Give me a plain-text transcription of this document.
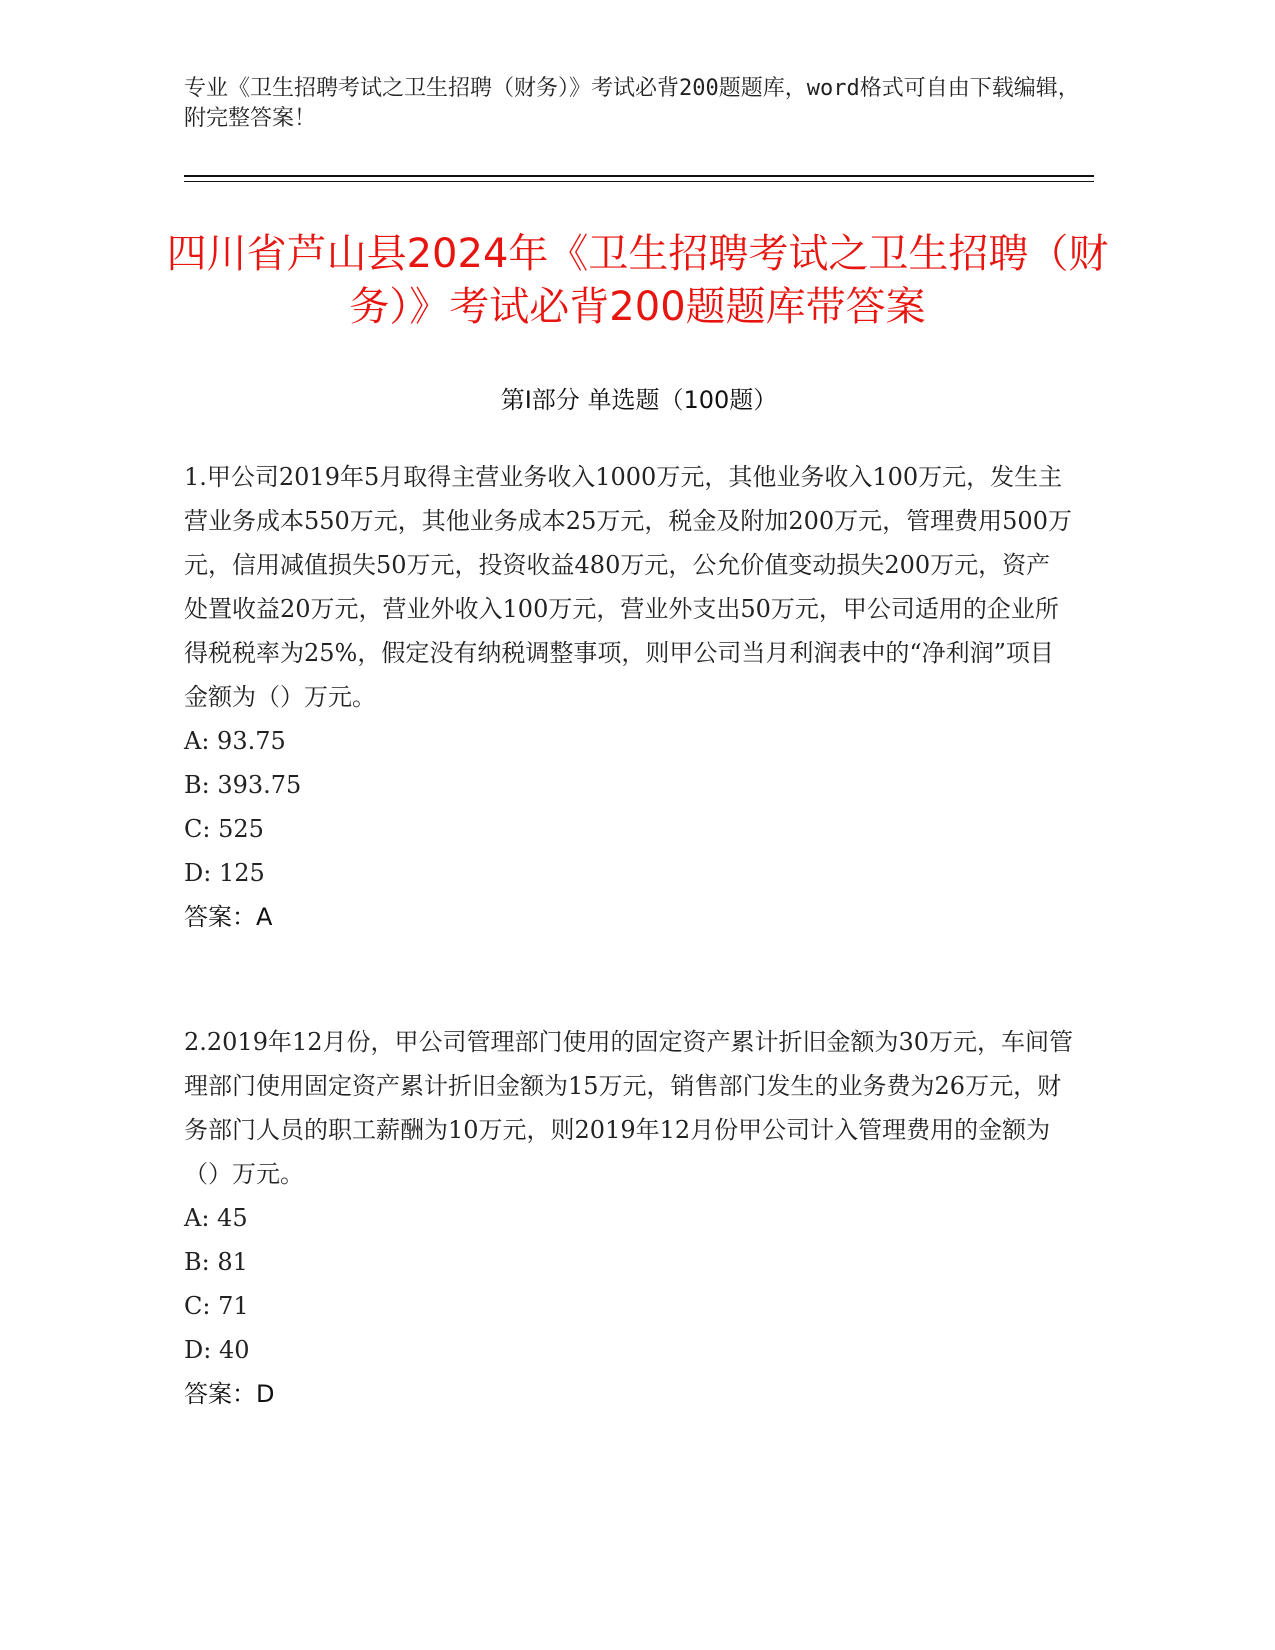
专业《卫生招聘考试之卫生招聘（财务）》考试必背200题题库，word格式可自由下载编辑，附完整答案！
四川省芦山县2024年《卫生招聘考试之卫生招聘（财务）》考试必背200题题库带答案
第Ⅰ部分 单选题（100题）

1.甲公司2019年5月取得主营业务收入1000万元，其他业务收入100万元，发生主营业务成本550万元，其他业务成本25万元，税金及附加200万元，管理费用500万元，信用减值损失50万元，投资收益480万元，公允价值变动损失200万元，资产处置收益20万元，营业外收入100万元，营业外支出50万元，甲公司适用的企业所得税税率为25%，假定没有纳税调整事项，则甲公司当月利润表中的“净利润”项目金额为（）万元。

A: 93.75

B: 393.75

C: 525

D: 125

答案：A

2.2019年12月份，甲公司管理部门使用的固定资产累计折旧金额为30万元，车间管理部门使用固定资产累计折旧金额为15万元，销售部门发生的业务费为26万元，财务部门人员的职工薪酬为10万元，则2019年12月份甲公司计入管理费用的金额为（）万元。

A: 45

B: 81

C: 71

D: 40

答案：D
